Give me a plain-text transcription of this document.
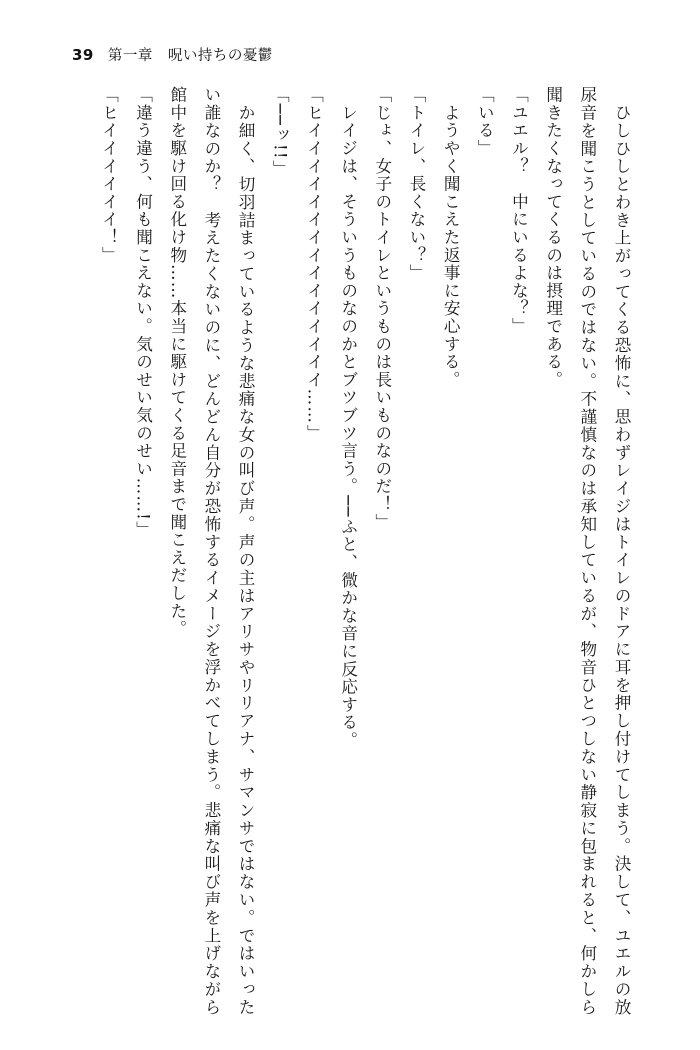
39 第一章　呪い持ちの憂鬱

　ひしひしとわき上がってくる恐怖に、思わずレイジはトイレのドアに耳を押し付けてしまう。決して、ユエルの放尿音を聞こうとしているのではない。不謹慎なのは承知しているが、物音ひとつしない静寂に包まれると、何かしら聞きたくなってくるのは摂理である。

「ユエル？　中にいるよな？」

「いる」

　ようやく聞こえた返事に安心する。

「トイレ、長くない？」

「じょ、女子のトイレというものは長いものなのだ！」

　レイジは、そういうものなのかとブツブツ言う。──ふと、微かな音に反応する。

「ヒイイイイイイイイイイイイイイイ……」

「──ッ!!」

　か細く、切羽詰まっているような悲痛な女の叫び声。声の主はアリサやリリアナ、サマンサではない。ではいったい誰なのか？　考えたくないのに、どんどん自分が恐怖するイメージを浮かべてしまう。悲痛な叫び声を上げながら館中を駆け回る化け物……本当に駆けてくる足音まで聞こえだした。

「違う違う、何も聞こえない。気のせい気のせい……!」

「ヒイイイイイイ！」
